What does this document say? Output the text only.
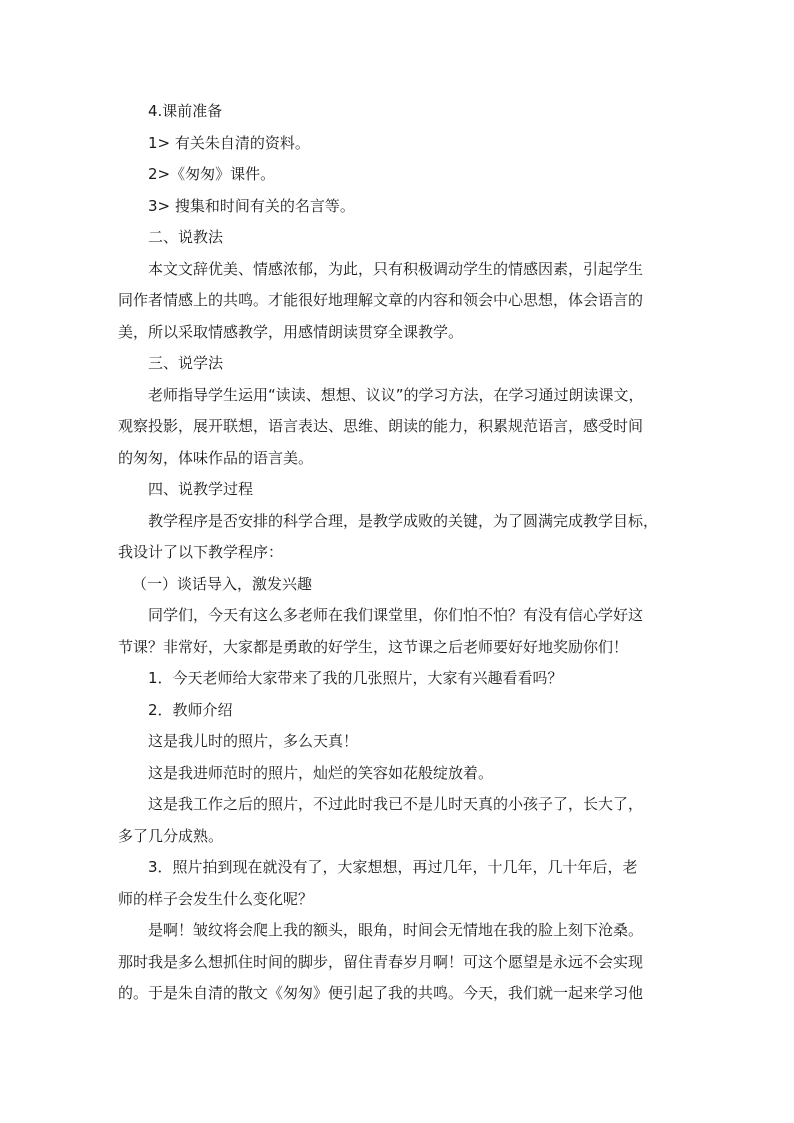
4.课前准备
1> 有关朱自清的资料。
2>《匆匆》课件。
3> 搜集和时间有关的名言等。
二、说教法
本文文辞优美、情感浓郁，为此，只有积极调动学生的情感因素，引起学生
同作者情感上的共鸣。才能很好地理解文章的内容和领会中心思想，体会语言的
美，所以采取情感教学，用感情朗读贯穿全课教学。
三、说学法
老师指导学生运用“读读、想想、议议”的学习方法，在学习通过朗读课文，
观察投影，展开联想，语言表达、思维、朗读的能力，积累规范语言，感受时间
的匆匆，体味作品的语言美。
四、说教学过程
教学程序是否安排的科学合理，是教学成败的关键，为了圆满完成教学目标，
我设计了以下教学程序：
（一）谈话导入，激发兴趣
同学们，今天有这么多老师在我们课堂里，你们怕不怕？有没有信心学好这
节课？非常好，大家都是勇敢的好学生，这节课之后老师要好好地奖励你们！
1．今天老师给大家带来了我的几张照片，大家有兴趣看看吗？
2．教师介绍
这是我儿时的照片，多么天真！
这是我进师范时的照片，灿烂的笑容如花般绽放着。
这是我工作之后的照片，不过此时我已不是儿时天真的小孩子了，长大了，
多了几分成熟。
3．照片拍到现在就没有了，大家想想，再过几年，十几年，几十年后，老
师的样子会发生什么变化呢？
是啊！皱纹将会爬上我的额头，眼角，时间会无情地在我的脸上刻下沧桑。
那时我是多么想抓住时间的脚步，留住青春岁月啊！可这个愿望是永远不会实现
的。于是朱自清的散文《匆匆》便引起了我的共鸣。今天，我们就一起来学习他
